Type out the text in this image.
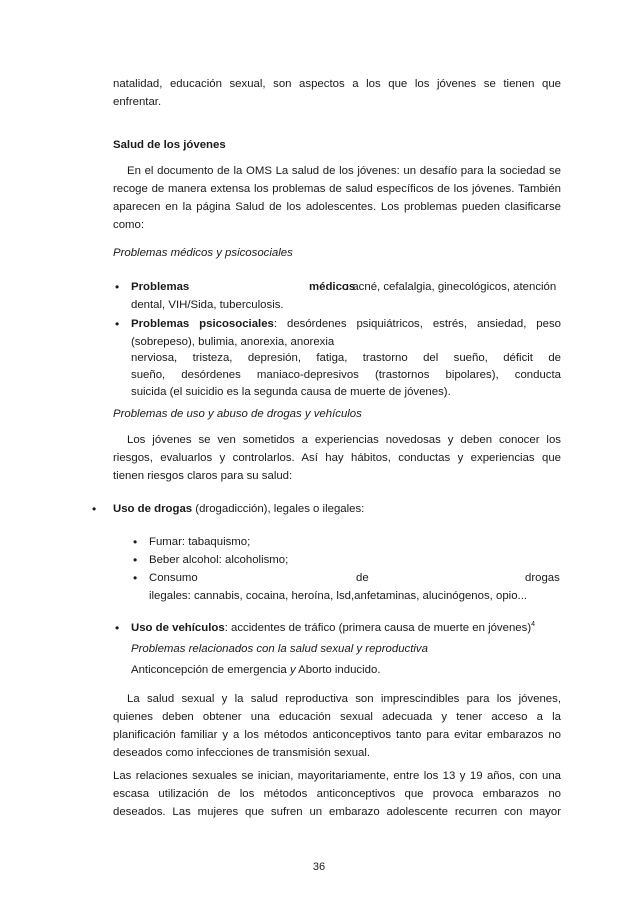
natalidad, educación sexual, son aspectos a los que los jóvenes se tienen que

enfrentar.

Salud de los jóvenes

En el documento de la OMS La salud de los jóvenes: un desafío para la sociedad se

recoge de manera extensa los problemas de salud específicos de los jóvenes. También

aparecen en la página Salud de los adolescentes. Los problemas pueden clasificarse

como:

Problemas médicos y psicosociales

• Problemas	médicos
: acné, cefalalgia, ginecológicos, atención

dental, VIH/Sida, tuberculosis.

• Problemas psicosociales: desórdenes psiquiátricos, estrés, ansiedad, peso

(sobrepeso), bulimia, anorexia, anorexia

nerviosa, tristeza, depresión, fatiga, trastorno del sueño, déficit de

sueño, desórdenes maniaco-depresivos (trastornos bipolares), conducta

suicida (el suicidio es la segunda causa de muerte de jóvenes).

Problemas de uso y abuso de drogas y vehículos

Los jóvenes se ven sometidos a experiencias novedosas y deben conocer los

riesgos, evaluarlos y controlarlos. Así hay hábitos, conductas y experiencias que

tienen riesgos claros para su salud:

• Uso de drogas (drogadicción), legales o ilegales:

• Fumar: tabaquismo;

• Beber alcohol: alcoholismo;

• Consumo	de	drogas

ilegales: cannabis, cocaina, heroína, lsd,anfetaminas, alucinógenos, opio...

• Uso de vehículos: accidentes de tráfico (primera causa de muerte en jóvenes)$^4$

Problemas relacionados con la salud sexual y reproductiva

Anticoncepción de emergencia y Aborto inducido.

La salud sexual y la salud reproductiva son imprescindibles para los jóvenes,

quienes deben obtener una educación sexual adecuada y tener acceso a la

planificación familiar y a los métodos anticonceptivos tanto para evitar embarazos no

deseados como infecciones de transmisión sexual.

Las relaciones sexuales se inician, mayoritariamente, entre los 13 y 19 años, con una

escasa utilización de los métodos anticonceptivos que provoca embarazos no

deseados. Las mujeres que sufren un embarazo adolescente recurren con mayor

36
